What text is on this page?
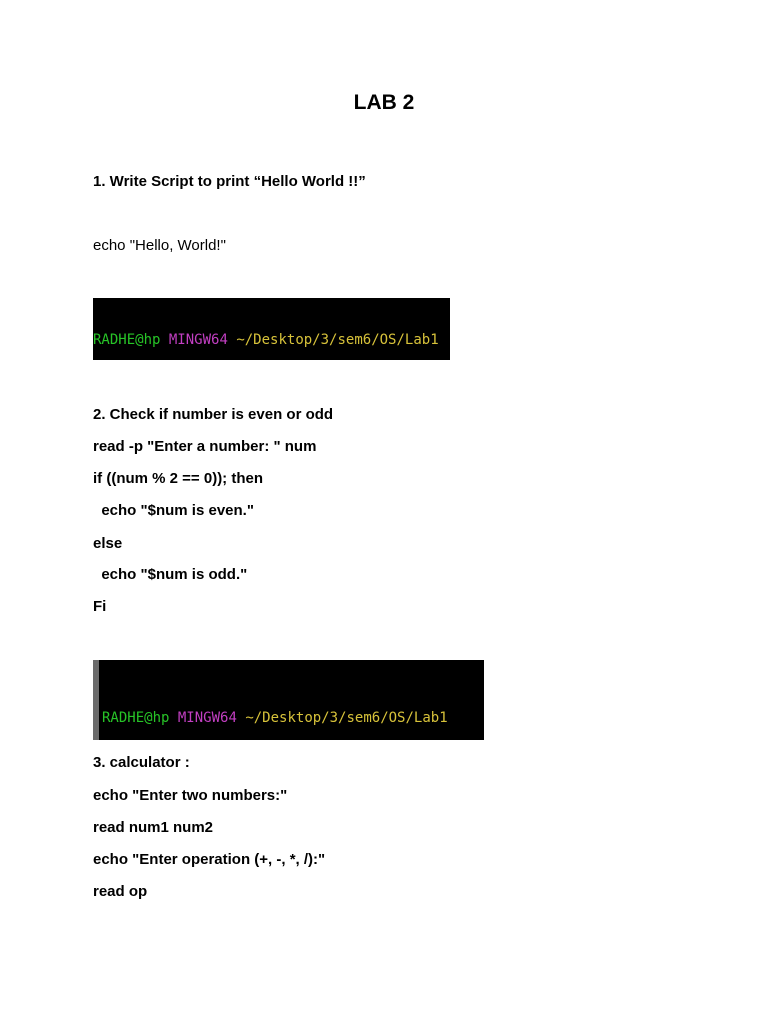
LAB 2
1. Write Script to print “Hello World !!”
echo "Hello, World!"

RADHE@hp MINGW64 ~/Desktop/3/sem6/OS/Lab1

2. Check if number is even or odd
read -p "Enter a number: " num
if ((num % 2 == 0)); then
echo "$num is even."
else
echo "$num is odd."
Fi

RADHE@hp MINGW64 ~/Desktop/3/sem6/OS/Lab1

3. calculator :
echo "Enter two numbers:"
read num1 num2
echo "Enter operation (+, -, *, /):"
read op
